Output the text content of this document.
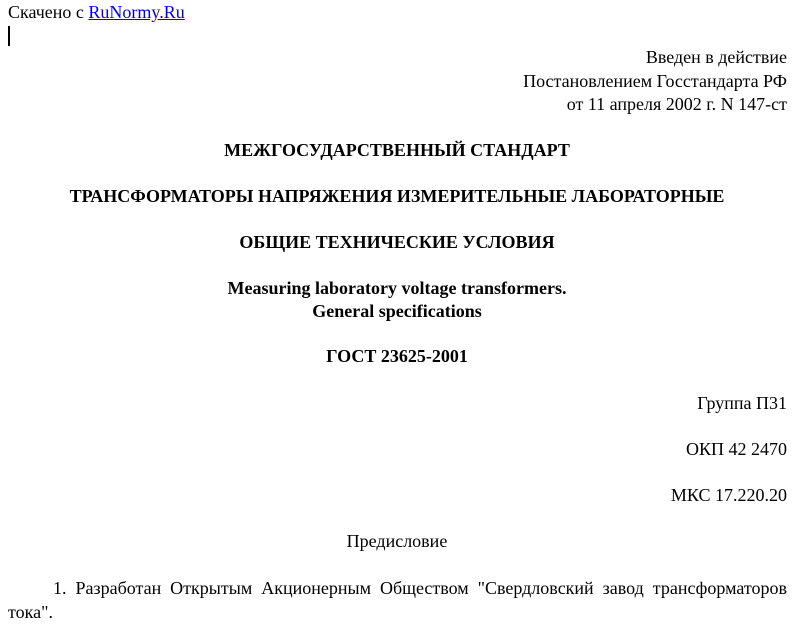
Скачено с RuNormy.Ru
Введен в действие
Постановлением Госстандарта РФ
от 11 апреля 2002 г. N 147-ст
МЕЖГОСУДАРСТВЕННЫЙ СТАНДАРТ
ТРАНСФОРМАТОРЫ НАПРЯЖЕНИЯ ИЗМЕРИТЕЛЬНЫЕ ЛАБОРАТОРНЫЕ
ОБЩИЕ ТЕХНИЧЕСКИЕ УСЛОВИЯ
Measuring laboratory voltage transformers.
General specifications
ГОСТ 23625-2001
Группа П31
ОКП 42 2470
МКС 17.220.20
Предисловие
1. Разработан Открытым Акционерным Обществом "Свердловский завод трансформаторов тока".
